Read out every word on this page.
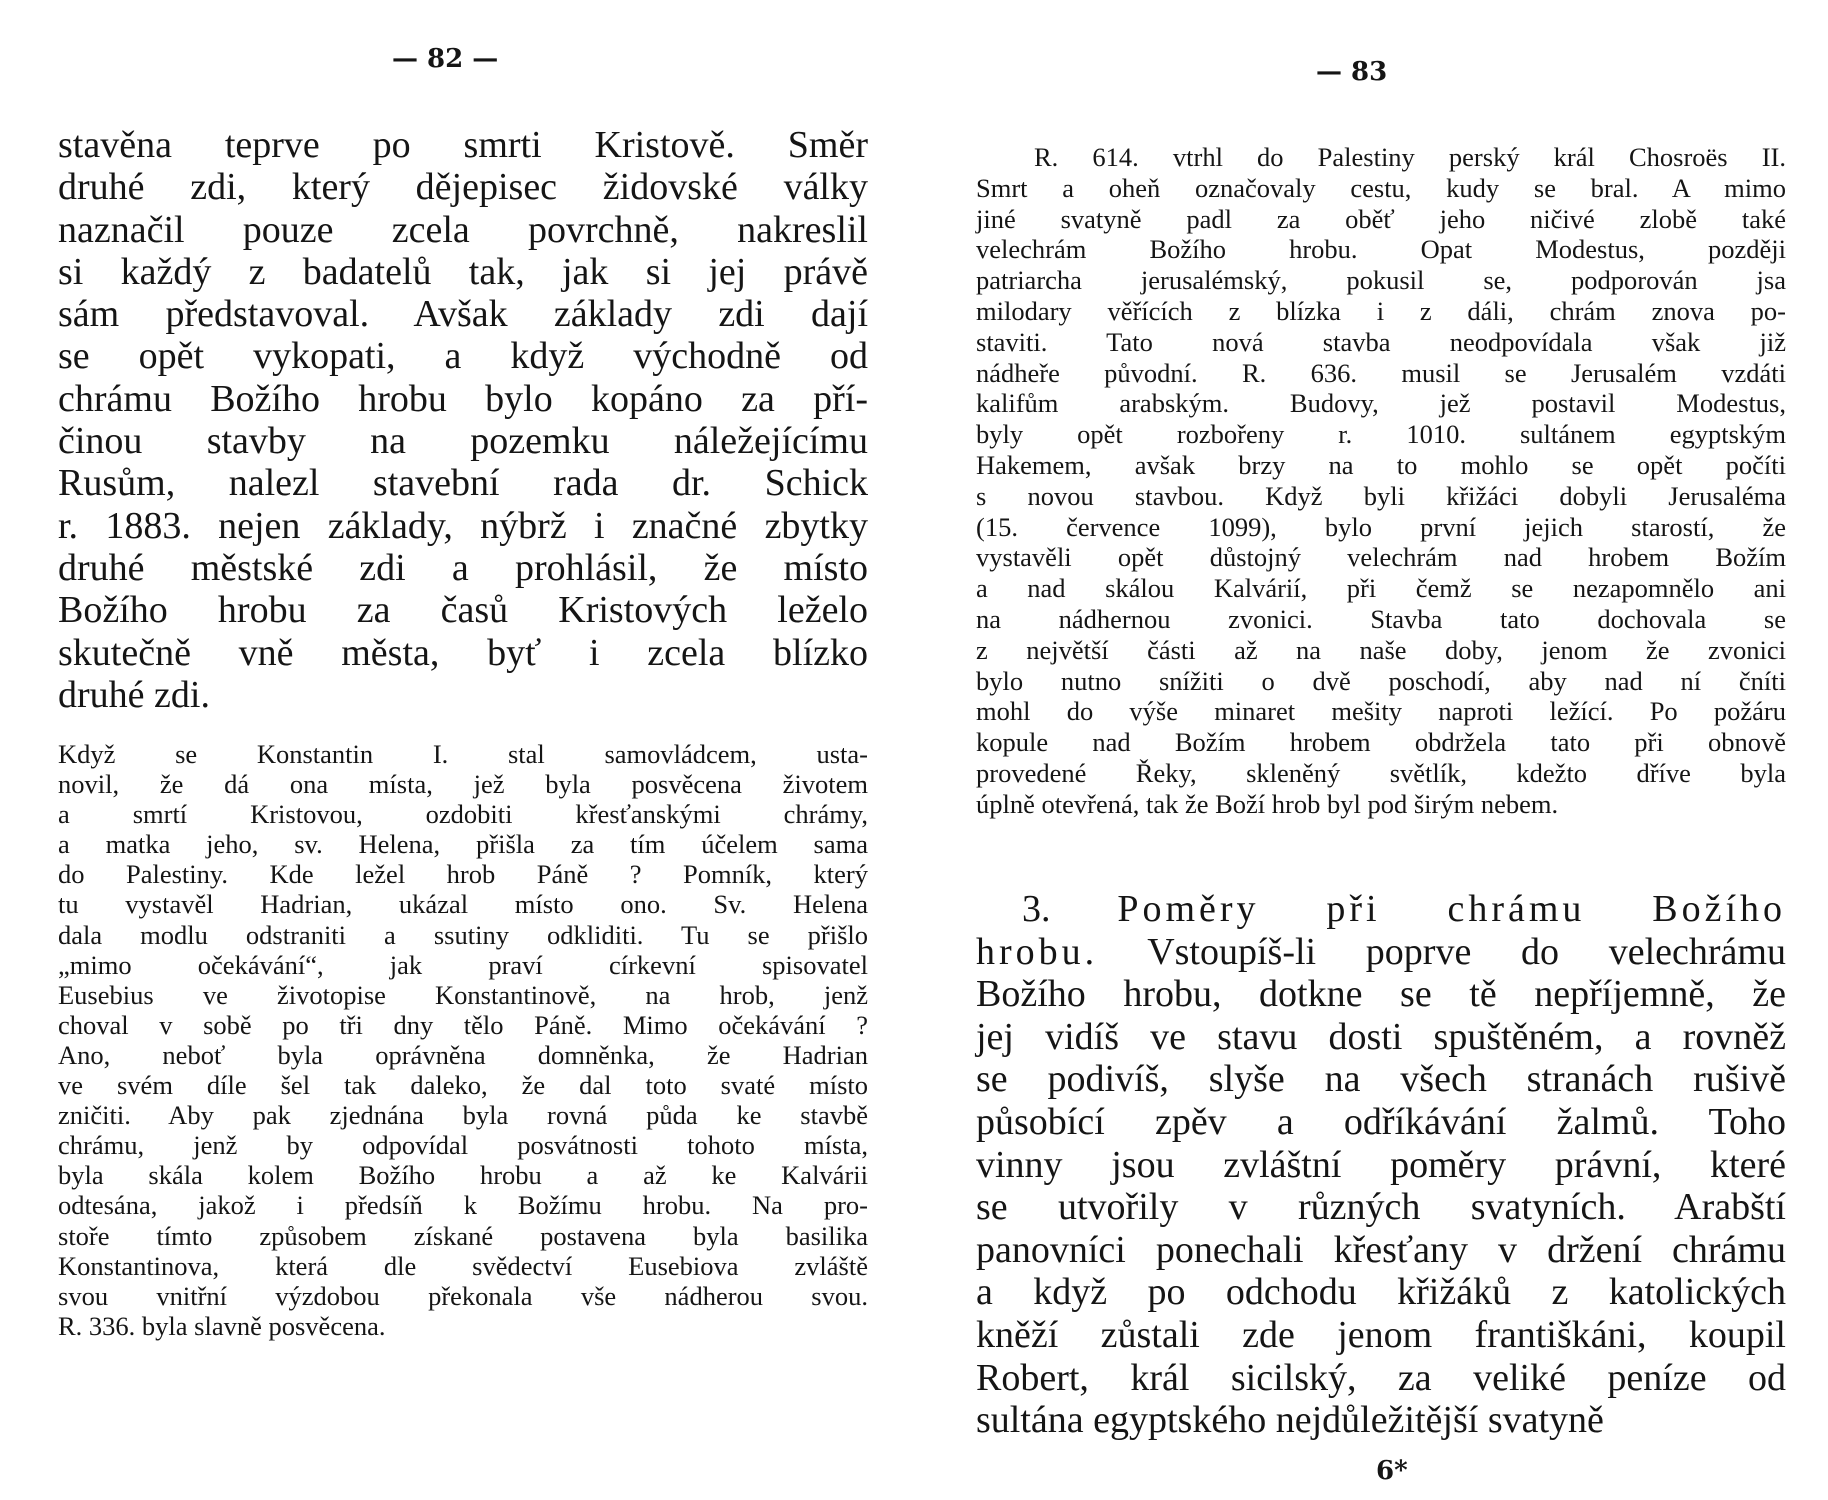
— 82 —
stavěna teprve po smrti Kristově. Směr
druhé zdi, který dějepisec židovské války
naznačil pouze zcela povrchně, nakreslil
si každý z badatelů tak, jak si jej právě
sám představoval. Avšak základy zdi dají
se opět vykopati, a když východně od
chrámu Božího hrobu bylo kopáno za pří-
činou stavby na pozemku náležejícímu
Rusům, nalezl stavební rada dr. Schick
r. 1883. nejen základy, nýbrž i značné zbytky
druhé městské zdi a prohlásil, že místo
Božího hrobu za časů Kristových leželo
skutečně vně města, byť i zcela blízko
druhé zdi.
Když se Konstantin I. stal samovládcem, usta-
novil, že dá ona místa, jež byla posvěcena životem
a smrtí Kristovou, ozdobiti křesťanskými chrámy,
a matka jeho, sv. Helena, přišla za tím účelem sama
do Palestiny. Kde ležel hrob Páně ? Pomník, který
tu vystavěl Hadrian, ukázal místo ono. Sv. Helena
dala modlu odstraniti a ssutiny odkliditi. Tu se přišlo
„mimo očekávání“, jak praví církevní spisovatel
Eusebius ve životopise Konstantinově, na hrob, jenž
choval v sobě po tři dny tělo Páně. Mimo očekávání ?
Ano, neboť byla oprávněna domněnka, že Hadrian
ve svém díle šel tak daleko, že dal toto svaté místo
zničiti. Aby pak zjednána byla rovná půda ke stavbě
chrámu, jenž by odpovídal posvátnosti tohoto místa,
byla skála kolem Božího hrobu a až ke Kalvárii
odtesána, jakož i předsíň k Božímu hrobu. Na pro-
stoře tímto způsobem získané postavena byla basilika
Konstantinova, která dle svědectví Eusebiova zvláště
svou vnitřní výzdobou překonala vše nádherou svou.
R. 336. byla slavně posvěcena.
— 83
R. 614. vtrhl do Palestiny perský král Chosroës II.
Smrt a oheň označovaly cestu, kudy se bral. A mimo
jiné svatyně padl za oběť jeho ničivé zlobě také
velechrám Božího hrobu. Opat Modestus, později
patriarcha jerusalémský, pokusil se, podporován jsa
milodary věřících z blízka i z dáli, chrám znova po-
staviti. Tato nová stavba neodpovídala však již
nádheře původní. R. 636. musil se Jerusalém vzdáti
kalifům arabským. Budovy, jež postavil Modestus,
byly opět rozbořeny r. 1010. sultánem egyptským
Hakemem, avšak brzy na to mohlo se opět počíti
s novou stavbou. Když byli křižáci dobyli Jerusaléma
(15. července 1099), bylo první jejich starostí, že
vystavěli opět důstojný velechrám nad hrobem Božím
a nad skálou Kalvárií, při čemž se nezapomnělo ani
na nádhernou zvonici. Stavba tato dochovala se
z největší části až na naše doby, jenom že zvonici
bylo nutno snížiti o dvě poschodí, aby nad ní čníti
mohl do výše minaret mešity naproti ležící. Po požáru
kopule nad Božím hrobem obdržela tato při obnově
provedené Řeky, skleněný světlík, kdežto dříve byla
úplně otevřená, tak že Boží hrob byl pod širým nebem.
3. Poměry při chrámu Božího
hrobu. Vstoupíš-li poprve do velechrámu
Božího hrobu, dotkne se tě nepříjemně, že
jej vidíš ve stavu dosti spuštěném, a rovněž
se podivíš, slyše na všech stranách rušivě
působící zpěv a odříkávání žalmů. Toho
vinny jsou zvláštní poměry právní, které
se utvořily v různých svatyních. Arabští
panovníci ponechali křesťany v držení chrámu
a když po odchodu křižáků z katolických
kněží zůstali zde jenom františkáni, koupil
Robert, král sicilský, za veliké peníze od
sultána egyptského nejdůležitější svatyně
6*
